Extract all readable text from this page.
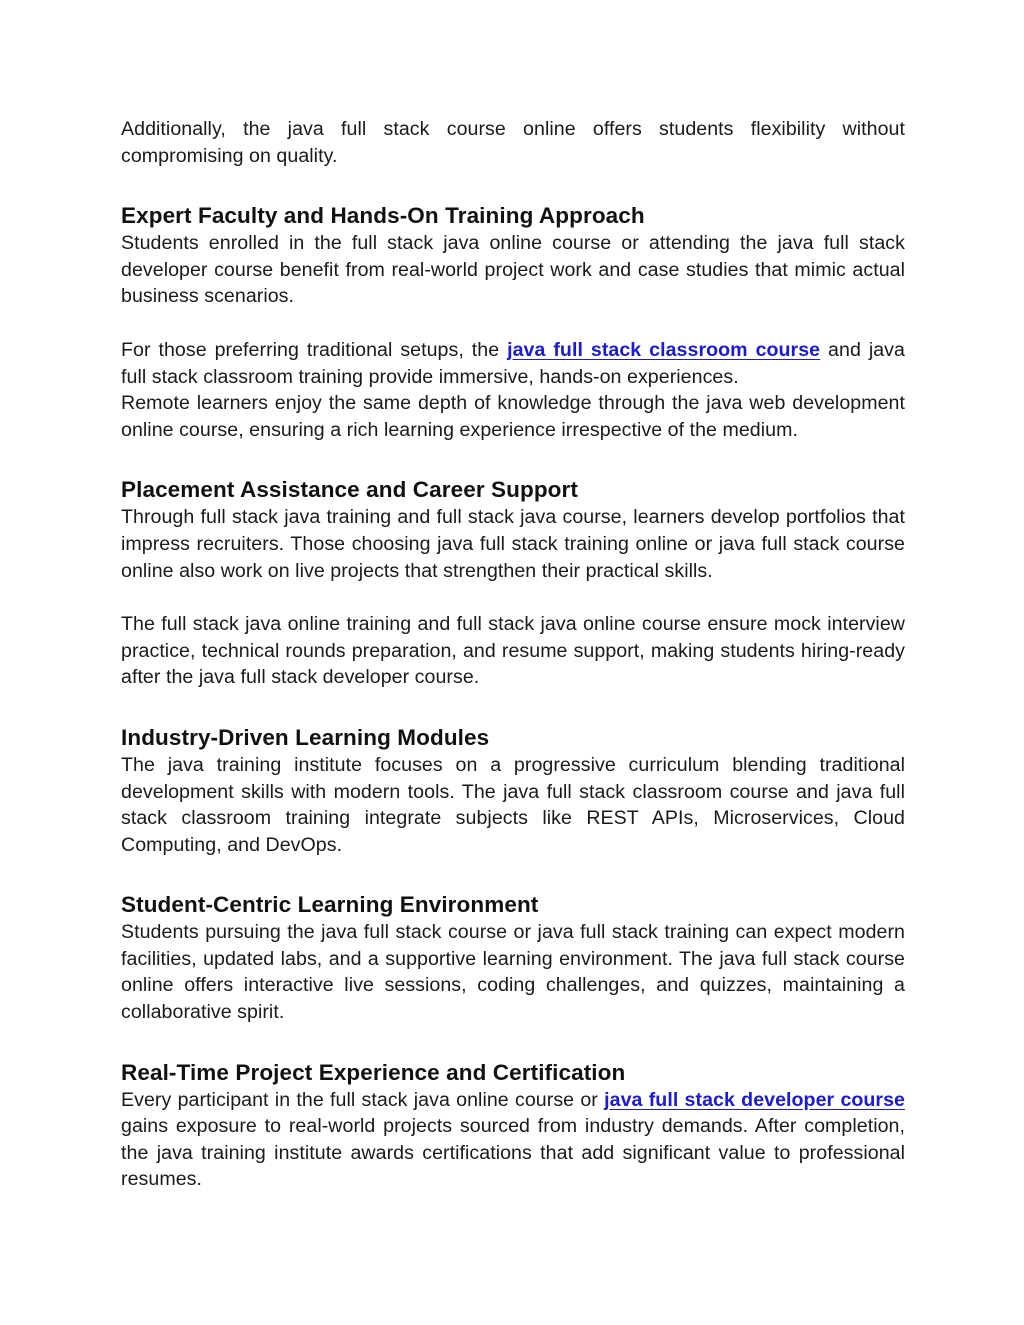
Additionally, the java full stack course online offers students flexibility without compromising on quality.

Expert Faculty and Hands-On Training Approach

Students enrolled in the full stack java online course or attending the java full stack developer course benefit from real-world project work and case studies that mimic actual business scenarios.

For those preferring traditional setups, the java full stack classroom course and java full stack classroom training provide immersive, hands-on experiences.

Remote learners enjoy the same depth of knowledge through the java web development online course, ensuring a rich learning experience irrespective of the medium.

Placement Assistance and Career Support

Through full stack java training and full stack java course, learners develop portfolios that impress recruiters. Those choosing java full stack training online or java full stack course online also work on live projects that strengthen their practical skills.

The full stack java online training and full stack java online course ensure mock interview practice, technical rounds preparation, and resume support, making students hiring-ready after the java full stack developer course.

Industry-Driven Learning Modules

The java training institute focuses on a progressive curriculum blending traditional development skills with modern tools. The java full stack classroom course and java full stack classroom training integrate subjects like REST APIs, Microservices, Cloud Computing, and DevOps.

Student-Centric Learning Environment

Students pursuing the java full stack course or java full stack training can expect modern facilities, updated labs, and a supportive learning environment. The java full stack course online offers interactive live sessions, coding challenges, and quizzes, maintaining a collaborative spirit.

Real-Time Project Experience and Certification

Every participant in the full stack java online course or java full stack developer course gains exposure to real-world projects sourced from industry demands. After completion, the java training institute awards certifications that add significant value to professional resumes.
